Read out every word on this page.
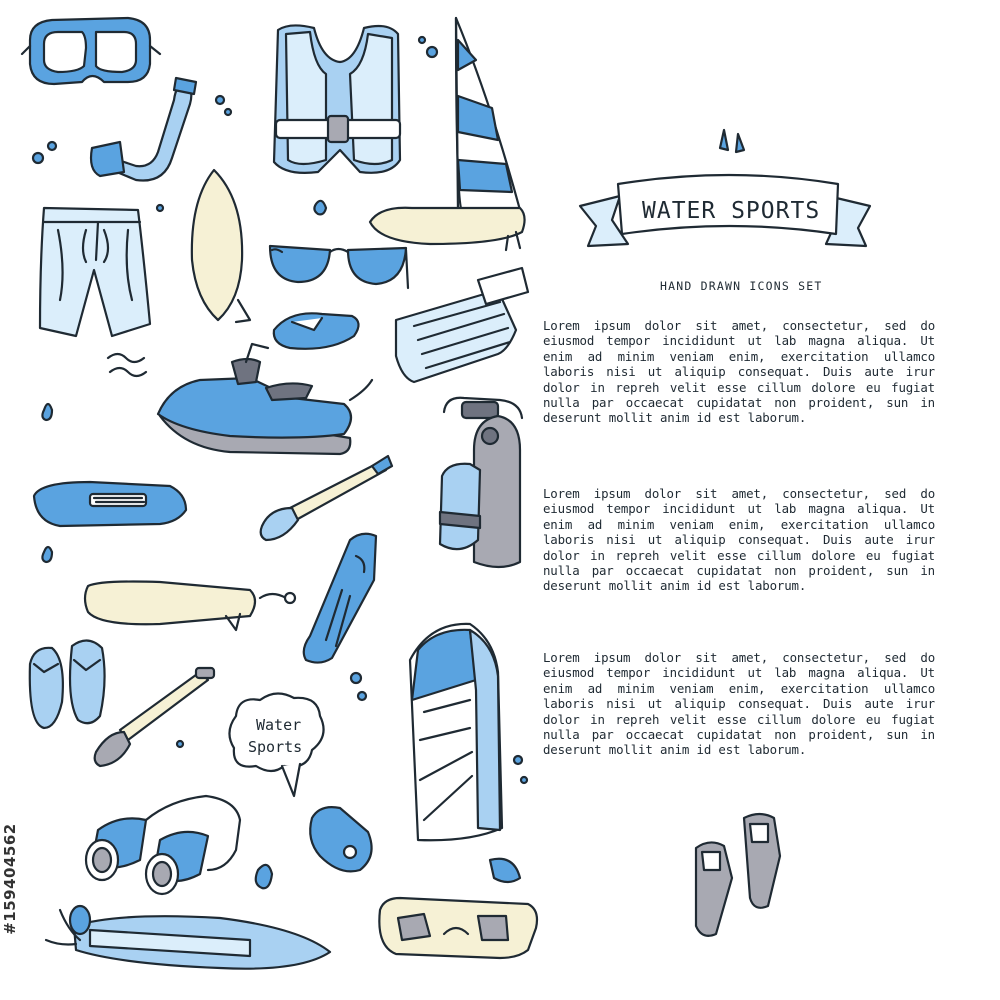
Water
Sports
WATER SPORTS
HAND DRAWN ICONS SET
Lorem ipsum dolor sit amet, consectetur, sed do eiusmod tempor incididunt ut lab magna aliqua. Ut enim ad minim veniam enim, exercitation ullamco laboris nisi ut aliquip consequat. Duis aute irur dolor in repreh velit esse cillum dolore eu fugiat nulla par occaecat cupidatat non proident, sun in deserunt mollit anim id est laborum.
Lorem ipsum dolor sit amet, consectetur, sed do eiusmod tempor incididunt ut lab magna aliqua. Ut enim ad minim veniam enim, exercitation ullamco laboris nisi ut aliquip consequat. Duis aute irur dolor in repreh velit esse cillum dolore eu fugiat nulla par occaecat cupidatat non proident, sun in deserunt mollit anim id est laborum.
Lorem ipsum dolor sit amet, consectetur, sed do eiusmod tempor incididunt ut lab magna aliqua. Ut enim ad minim veniam enim, exercitation ullamco laboris nisi ut aliquip consequat. Duis aute irur dolor in repreh velit esse cillum dolore eu fugiat nulla par occaecat cupidatat non proident, sun in deserunt mollit anim id est laborum.
#159404562
